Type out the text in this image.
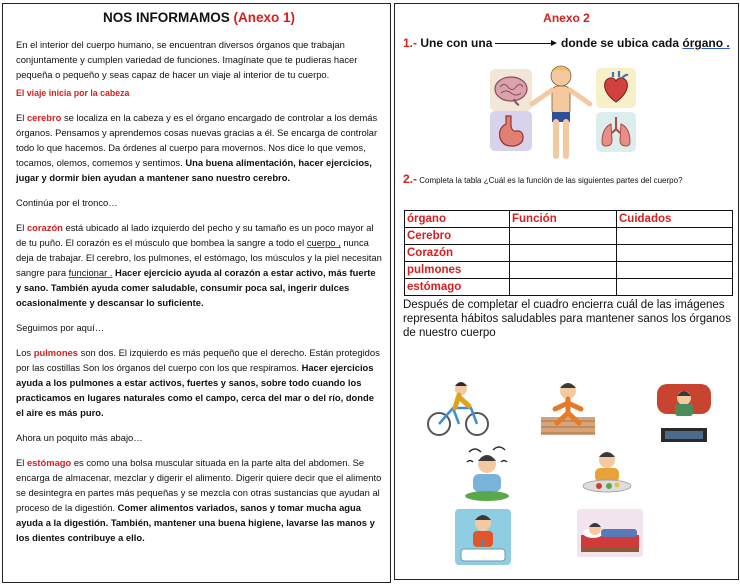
NOS INFORMAMOS (Anexo 1)

En el interior del cuerpo humano, se encuentran diversos órganos que trabajan conjuntamente y cumplen variedad de funciones. Imagínate que te pudieras hacer pequeña o pequeño y seas capaz de hacer un viaje al interior de tu cuerpo.

El viaje inicia por la cabeza

El cerebro se localiza en la cabeza y es el órgano encargado de controlar a los demás órganos. Pensamos y aprendemos cosas nuevas gracias a él. Se encarga de controlar todo lo que hacemos. Da órdenes al cuerpo para movernos. Nos dice lo que vemos, tocamos, olemos, comemos y sentimos. Una buena alimentación, hacer ejercicios, jugar y dormir bien ayudan a mantener sano nuestro cerebro.

Continúa por el tronco…

El corazón está ubicado al lado izquierdo del pecho y su tamaño es un poco mayor al de tu puño. El corazón es el músculo que bombea la sangre a todo el cuerpo , nunca deja de trabajar. El cerebro, los pulmones, el estómago, los músculos y la piel necesitan sangre para funcionar . Hacer ejercicio ayuda al corazón a estar activo, más fuerte y sano. También ayuda comer saludable, consumir poca sal, ingerir dulces ocasionalmente y descansar lo suficiente.

Seguimos por aquí…

Los pulmones son dos. El izquierdo es más pequeño que el derecho. Están protegidos por las costillas Son los órganos del cuerpo con los que respiramos. Hacer ejercicios ayuda a los pulmones a estar activos, fuertes y sanos, sobre todo cuando los practicamos en lugares naturales como el campo, cerca del mar o del río, donde el aire es más puro.

Ahora un poquito más abajo…

El estómago es como una bolsa muscular situada en la parte alta del abdomen. Se encarga de almacenar, mezclar y digerir el alimento. Digerir quiere decir que el alimento se desintegra en partes más pequeñas y se mezcla con otras sustancias que ayudan al proceso de la digestión. Comer alimentos variados, sanos y tomar mucha agua ayuda a la digestión. También, mantener una buena higiene, lavarse las manos y los dientes contribuye a ello.

Anexo 2
1.- Une con una	donde se ubica cada órgano .
2.- Completa la tabla ¿Cuál es la función de las siguientes partes del cuerpo?
órgano	Función	Cuidados
Cerebro		
Corazón		
pulmones		
estómago		
Después de completar el cuadro encierra cuál de las imágenes representa hábitos saludables para mantener sanos los órganos de nuestro cuerpo
